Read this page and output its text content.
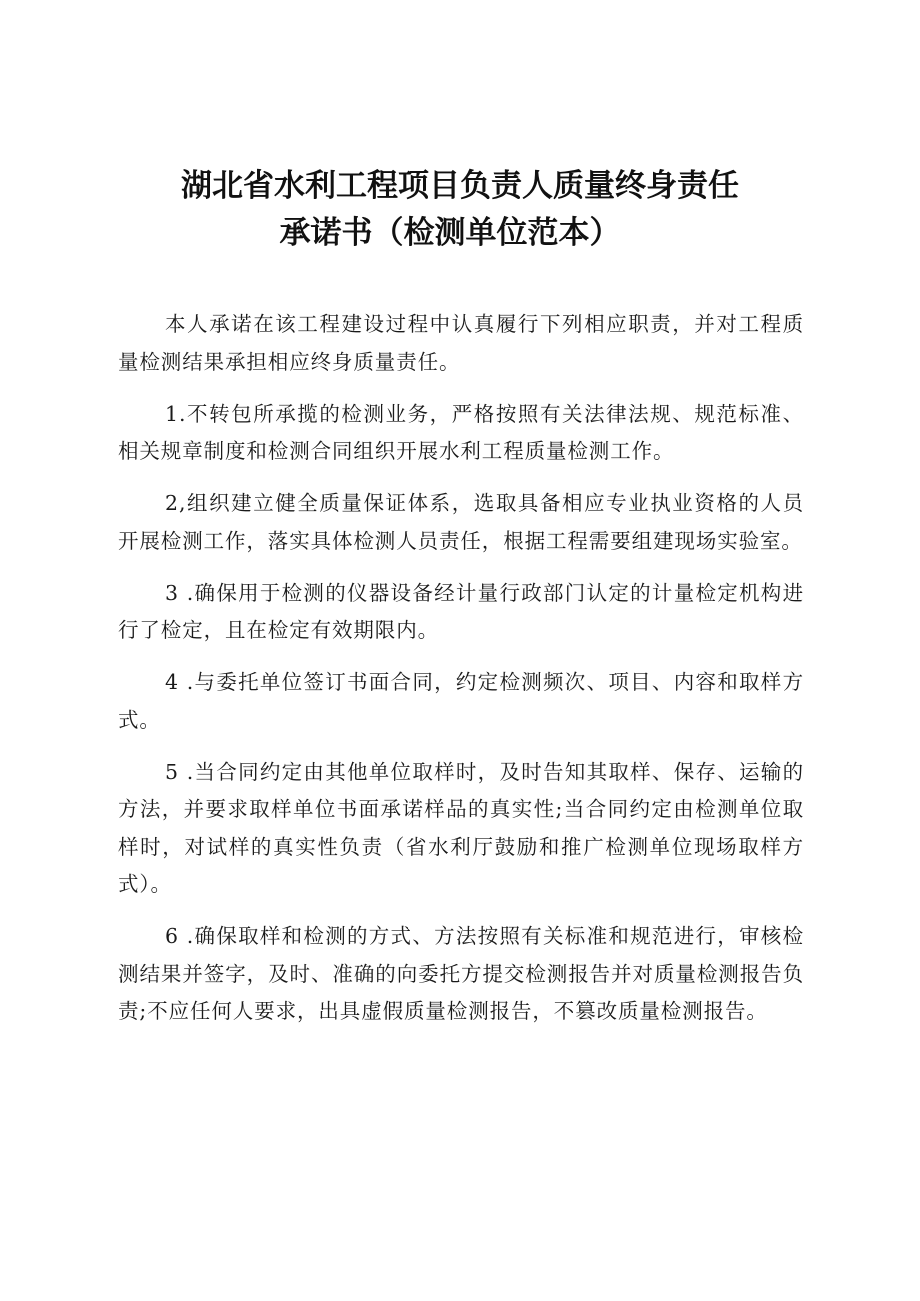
湖北省水利工程项目负责人质量终身责任
承诺书（检测单位范本）

本人承诺在该工程建设过程中认真履行下列相应职责，并对工程质量检测结果承担相应终身质量责任。

1.不转包所承揽的检测业务，严格按照有关法律法规、规范标准、相关规章制度和检测合同组织开展水利工程质量检测工作。

2,组织建立健全质量保证体系，选取具备相应专业执业资格的人员开展检测工作，落实具体检测人员责任，根据工程需要组建现场实验室。

3 .确保用于检测的仪器设备经计量行政部门认定的计量检定机构进行了检定，且在检定有效期限内。

4 .与委托单位签订书面合同，约定检测频次、项目、内容和取样方式。

5 .当合同约定由其他单位取样时，及时告知其取样、保存、运输的方法，并要求取样单位书面承诺样品的真实性;当合同约定由检测单位取样时，对试样的真实性负责（省水利厅鼓励和推广检测单位现场取样方式）。

6 .确保取样和检测的方式、方法按照有关标准和规范进行，审核检测结果并签字，及时、准确的向委托方提交检测报告并对质量检测报告负责;不应任何人要求，出具虚假质量检测报告，不篡改质量检测报告。
